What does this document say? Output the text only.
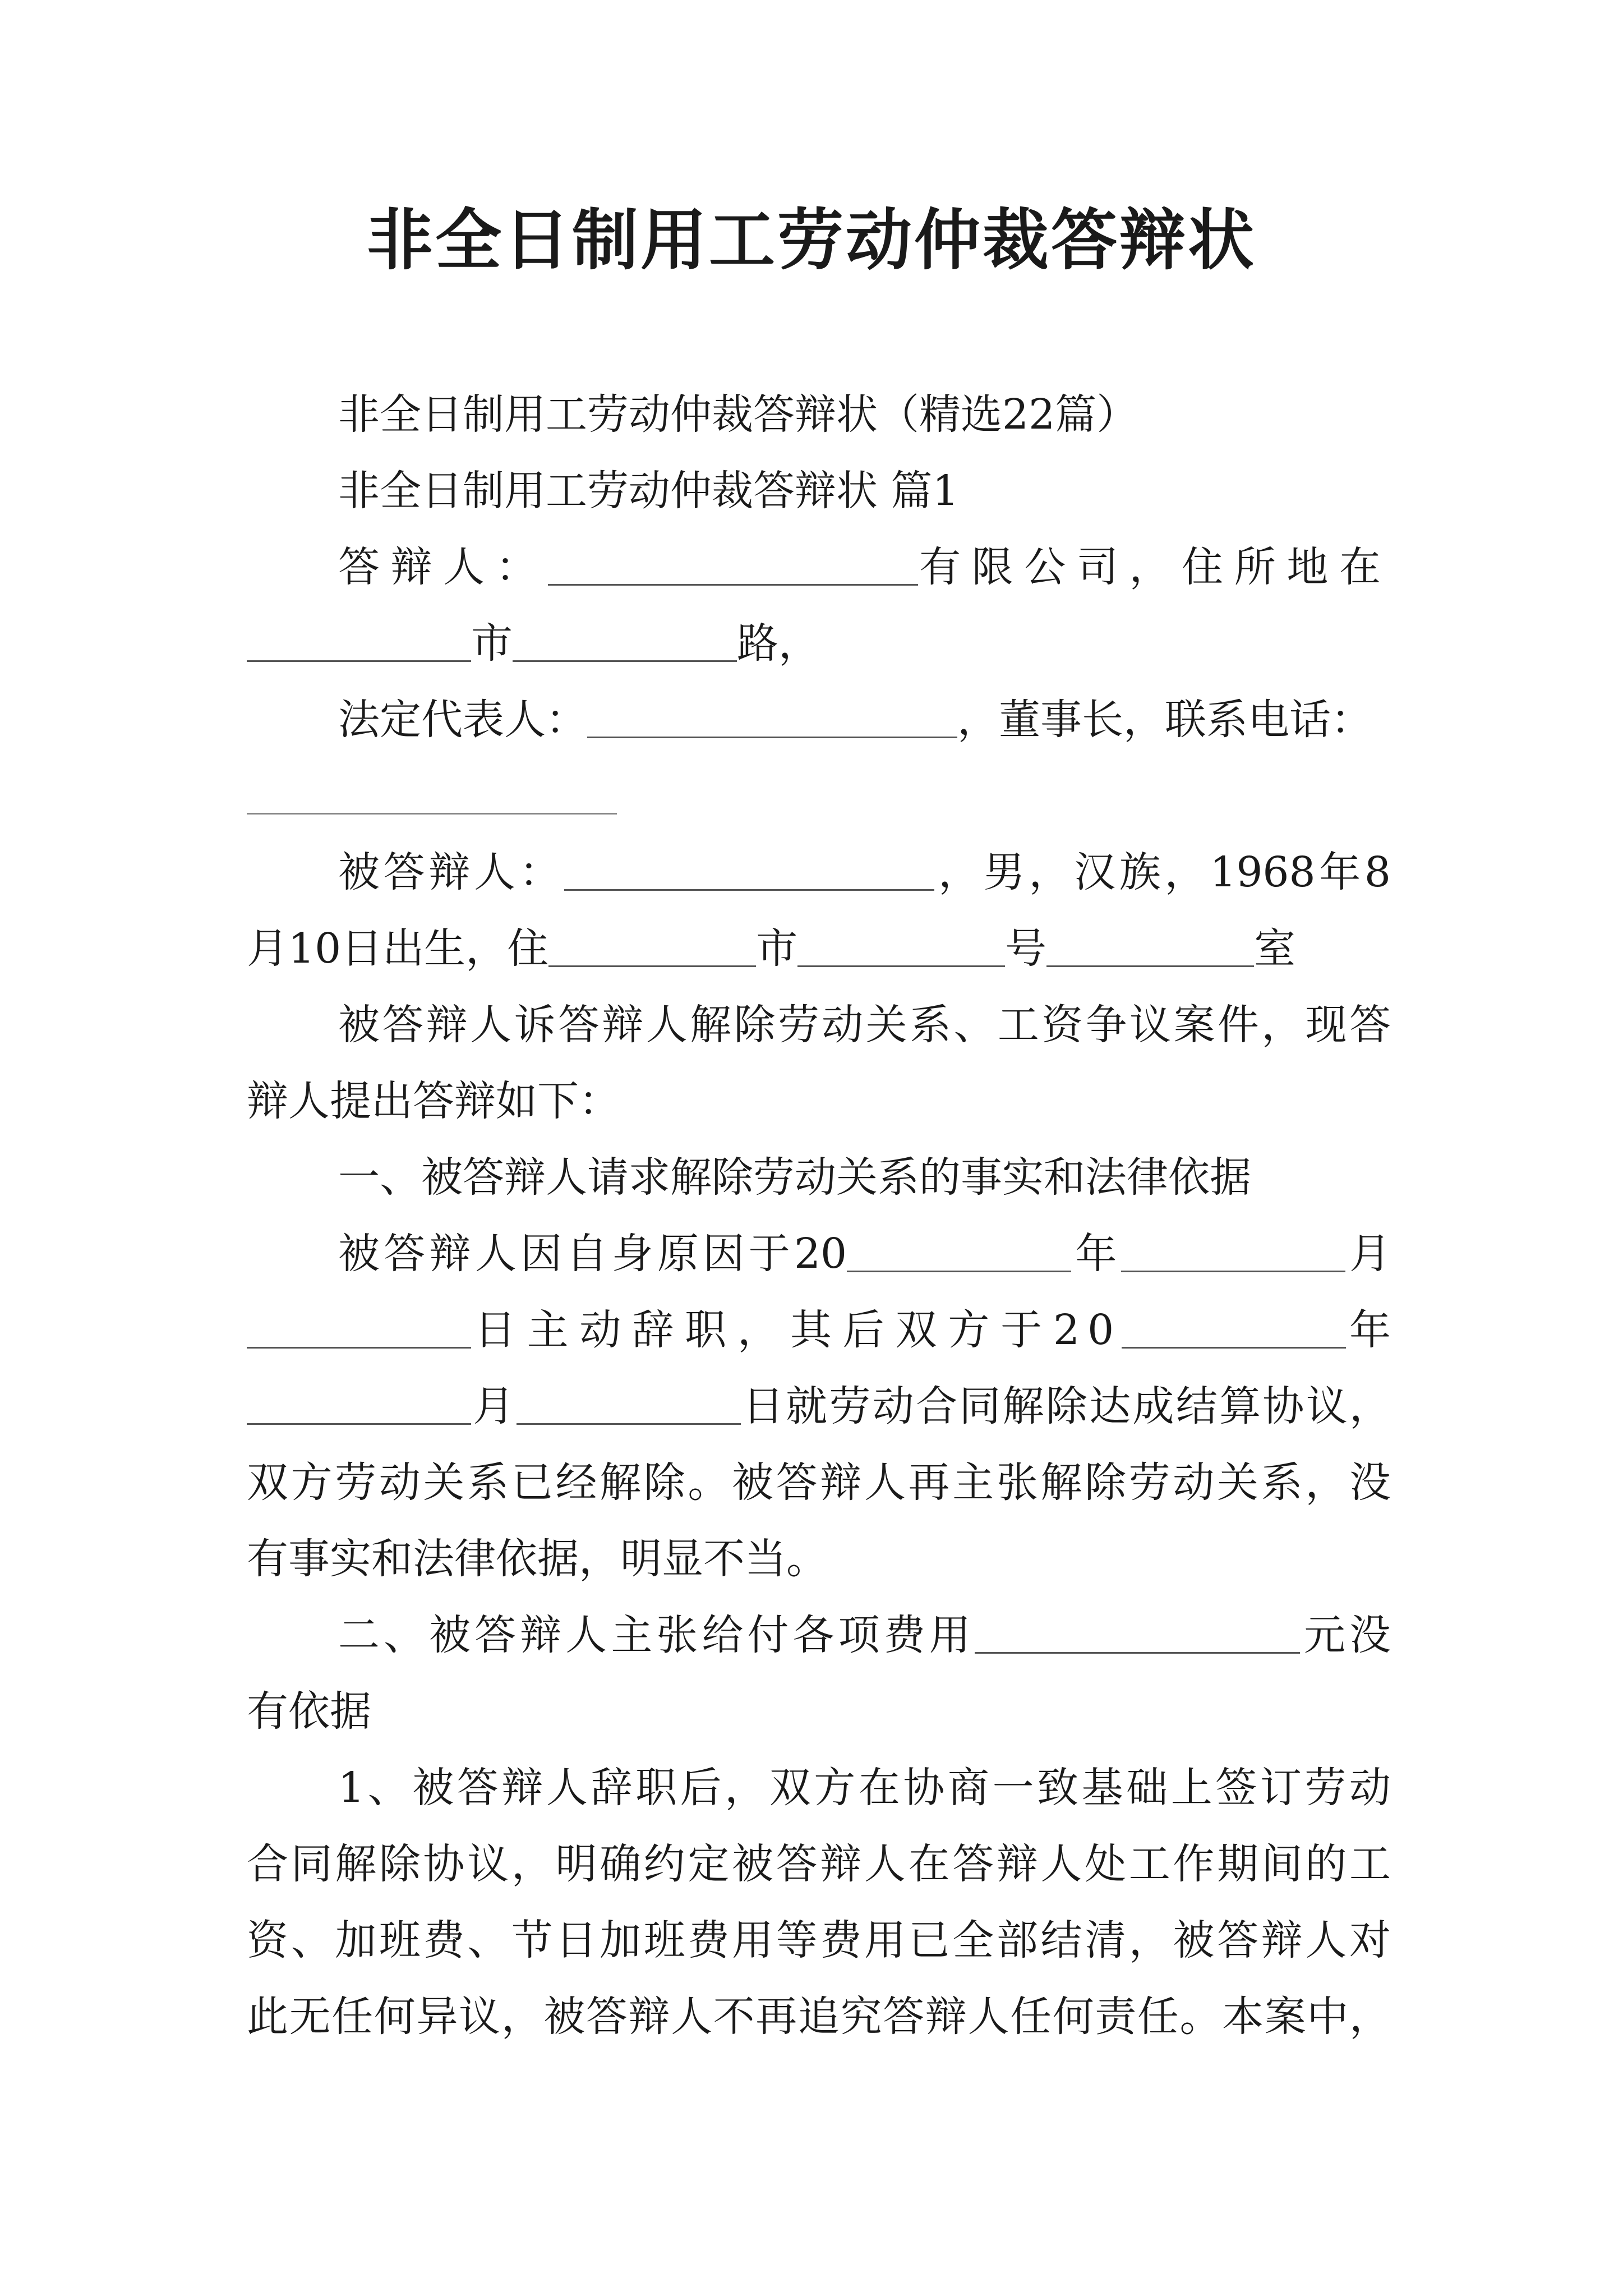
非全日制用工劳动仲裁答辩状
非全日制用工劳动仲裁答辩状（精选22篇）
非全日制用工劳动仲裁答辩状 篇1
答辩人：	有限公司，住所地在
市	路，
法定代表人：	，董事长，联系电话：
被答辩人：	，男，汉族，1968年8
月10日出生，住	市	号	室
被答辩人诉答辩人解除劳动关系、工资争议案件，现答
辩人提出答辩如下：
一、被答辩人请求解除劳动关系的事实和法律依据
被答辩人因自身原因于20	年	月
日主动辞职，其后双方于20	年
月	日就劳动合同解除达成结算协议，
双方劳动关系已经解除。被答辩人再主张解除劳动关系，没
有事实和法律依据，明显不当。
二、被答辩人主张给付各项费用	元没
有依据
1、被答辩人辞职后，双方在协商一致基础上签订劳动
合同解除协议，明确约定被答辩人在答辩人处工作期间的工
资、加班费、节日加班费用等费用已全部结清，被答辩人对
此无任何异议，被答辩人不再追究答辩人任何责任。本案中，
